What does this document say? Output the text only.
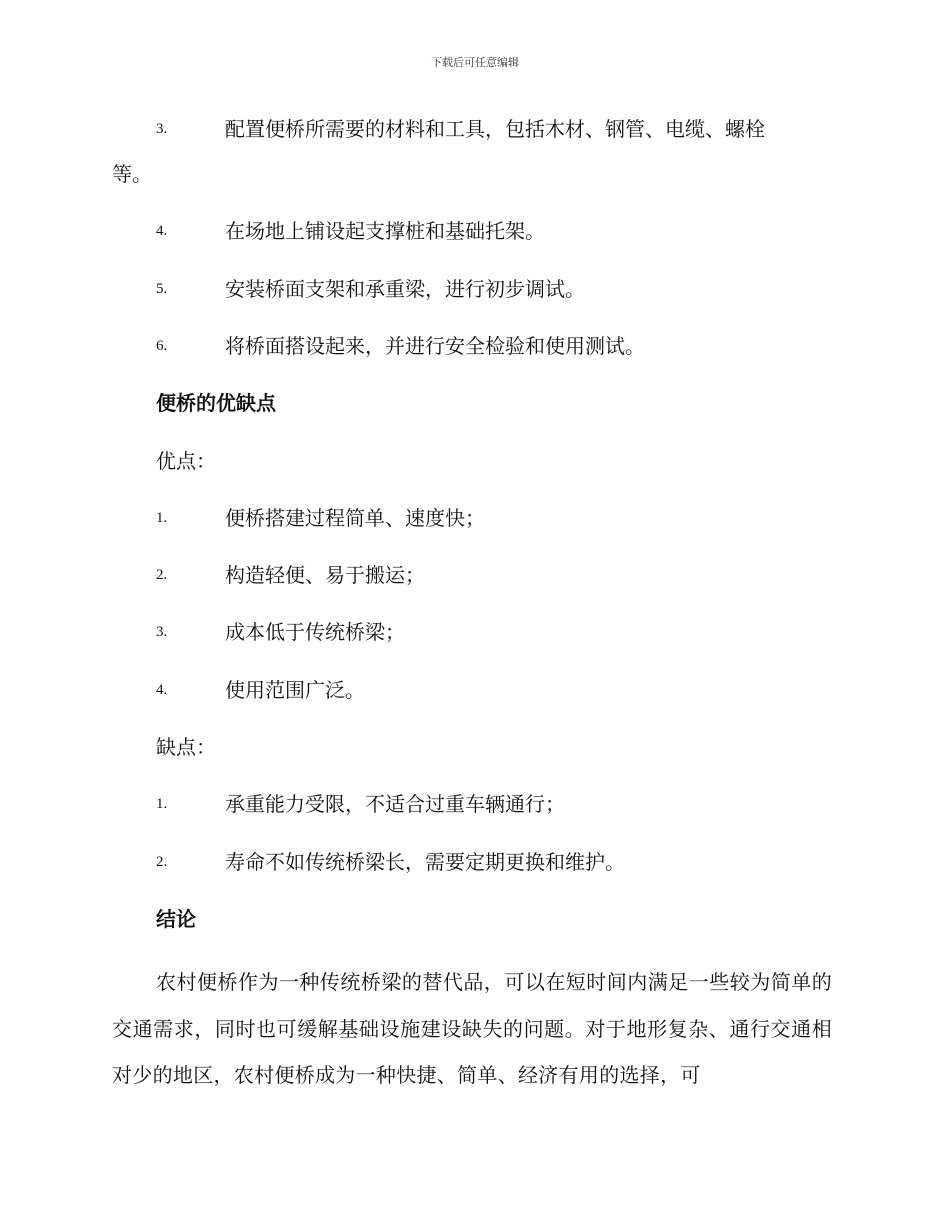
下载后可任意编辑
3.	配置便桥所需要的材料和工具，包括木材、钢管、电缆、螺栓
等。
4.	在场地上铺设起支撑桩和基础托架。
5.	安装桥面支架和承重梁，进行初步调试。
6.	将桥面搭设起来，并进行安全检验和使用测试。
便桥的优缺点
优点：
1.	便桥搭建过程简单、速度快；
2.	构造轻便、易于搬运；
3.	成本低于传统桥梁；
4.	使用范围广泛。
缺点：
1.	承重能力受限，不适合过重车辆通行；
2.	寿命不如传统桥梁长，需要定期更换和维护。
结论
农村便桥作为一种传统桥梁的替代品，可以在短时间内满足一些较为简单的交通需求，同时也可缓解基础设施建设缺失的问题。对于地形复杂、通行交通相对少的地区，农村便桥成为一种快捷、简单、经济有用的选择，可
